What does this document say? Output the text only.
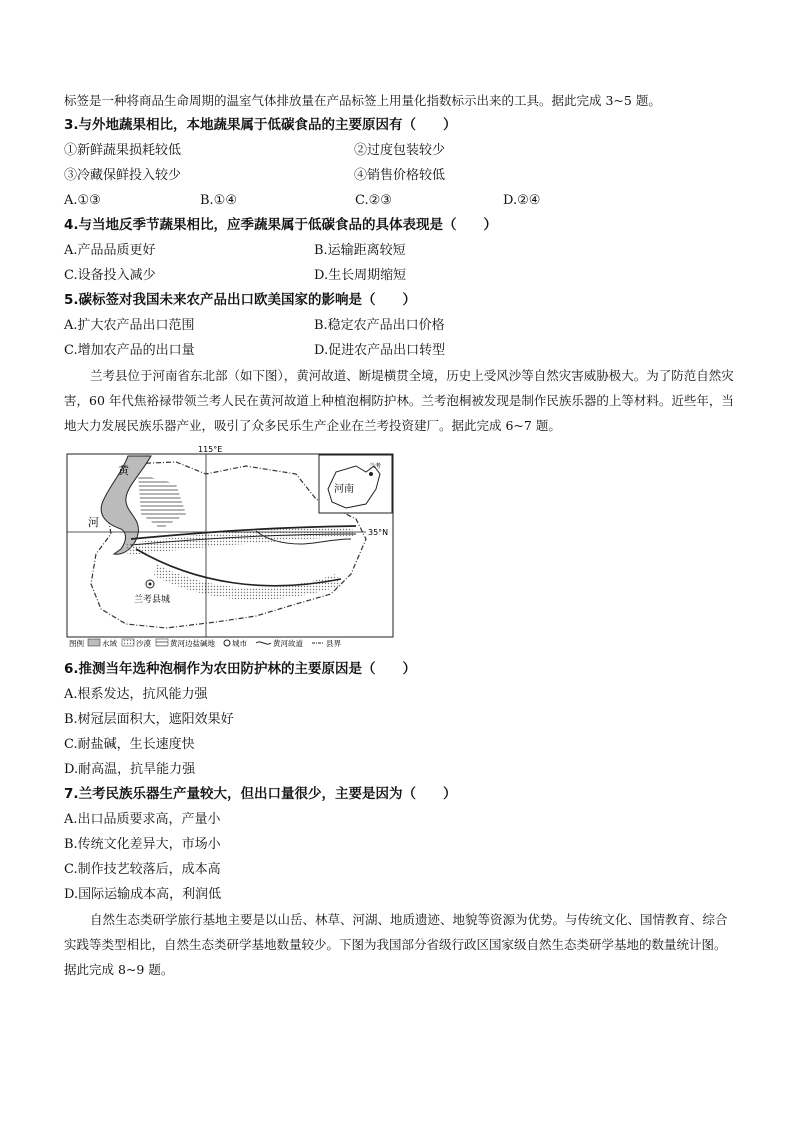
标签是一种将商品生命周期的温室气体排放量在产品标签上用量化指数标示出来的工具。据此完成 3~5 题。
3.与外地蔬果相比，本地蔬果属于低碳食品的主要原因有（　　）
①新鲜蔬果损耗较低	②过度包装较少
③冷藏保鲜投入较少	④销售价格较低
A.①③	B.①④	C.②③	D.②④
4.与当地反季节蔬果相比，应季蔬果属于低碳食品的具体表现是（　　）
A.产品品质更好	B.运输距离较短
C.设备投入减少	D.生长周期缩短
5.碳标签对我国未来农产品出口欧美国家的影响是（　　）
A.扩大农产品出口范围	B.稳定农产品出口价格
C.增加农产品的出口量	D.促进农产品出口转型
兰考县位于河南省东北部（如下图），黄河故道、断堤横贯全境，历史上受风沙等自然灾害威胁极大。为了防范自然灾害，60 年代焦裕禄带领兰考人民在黄河故道上种植泡桐防护林。兰考泡桐被发现是制作民族乐器的上等材料。近些年，当地大力发展民族乐器产业，吸引了众多民乐生产企业在兰考投资建厂。据此完成 6~7 题。
115°E
35°N
黄
河
兰考县城
河南
兰考
图例 水域	沙漠	黄河边盐碱地 城市	黄河故道	县界
6.推测当年选种泡桐作为农田防护林的主要原因是（　　）
A.根系发达，抗风能力强
B.树冠层面积大，遮阳效果好
C.耐盐碱，生长速度快
D.耐高温，抗旱能力强
7.兰考民族乐器生产量较大，但出口量很少，主要是因为（　　）
A.出口品质要求高，产量小
B.传统文化差异大，市场小
C.制作技艺较落后，成本高
D.国际运输成本高，利润低
自然生态类研学旅行基地主要是以山岳、林草、河湖、地质遗迹、地貌等资源为优势。与传统文化、国情教育、综合实践等类型相比，自然生态类研学基地数量较少。下图为我国部分省级行政区国家级自然生态类研学基地的数量统计图。据此完成 8~9 题。
